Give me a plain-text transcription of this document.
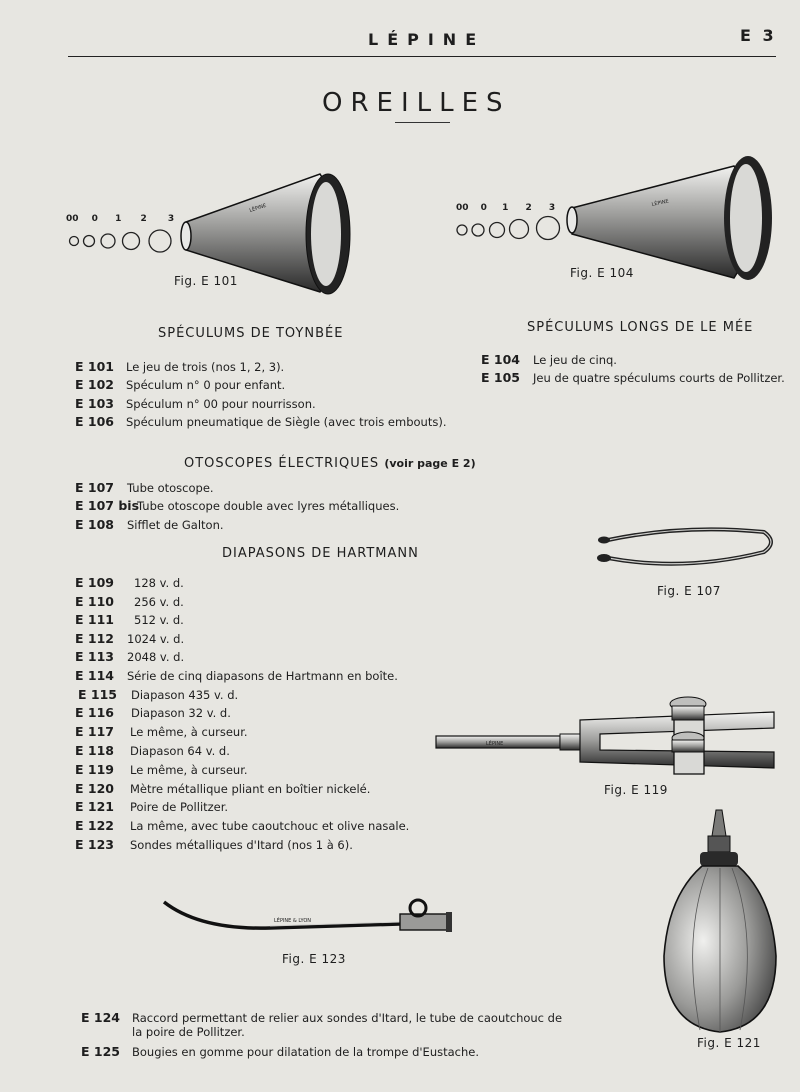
LÉPINE	E 3
OREILLES
00 0 1 2 3
LÉPINE
Fig. E 101
00 0 1 2 3	LÉPINE
Fig. E 104
SPÉCULUMS DE TOYNBÉE
E 101 Le jeu de trois (nos 1, 2, 3).
E 102 Spéculum n° 0 pour enfant.
E 103 Spéculum n° 00 pour nourrisson.
E 106 Spéculum pneumatique de Siègle (avec trois embouts).
SPÉCULUMS LONGS DE LE MÉE
E 104 Le jeu de cinq.
E 105 Jeu de quatre spéculums courts de Pollitzer.
OTOSCOPES ÉLECTRIQUES (voir page E 2)
E 107 Tube otoscope.
E 107 bis
Tube otoscope double avec lyres métalliques.
E 108 Sifflet de Galton.
DIAPASONS DE HARTMANN
E 109 128 v. d.
E 110 256 v. d.
E 111 512 v. d.
E 112 1024 v. d.
E 113 2048 v. d.
E 114 Série de cinq diapasons de Hartmann en boîte.
E 115 Diapason 435 v. d.
E 116 Diapason 32 v. d.
E 117 Le même, à curseur.
E 118 Diapason 64 v. d.
E 119 Le même, à curseur.
E 120 Mètre métallique pliant en boîtier nickelé.
E 121 Poire de Pollitzer.
E 122 La même, avec tube caoutchouc et olive nasale.
E 123 Sondes métalliques d'Itard (nos 1 à 6).
Fig. E 107
LÉPINE
Fig. E 119
LÉPINE & LYON
Fig. E 123
Fig. E 121
E 124 Raccord permettant de relier aux sondes d'Itard, le tube de caoutchouc de
la poire de Pollitzer.
E 125 Bougies en gomme pour dilatation de la trompe d'Eustache.
